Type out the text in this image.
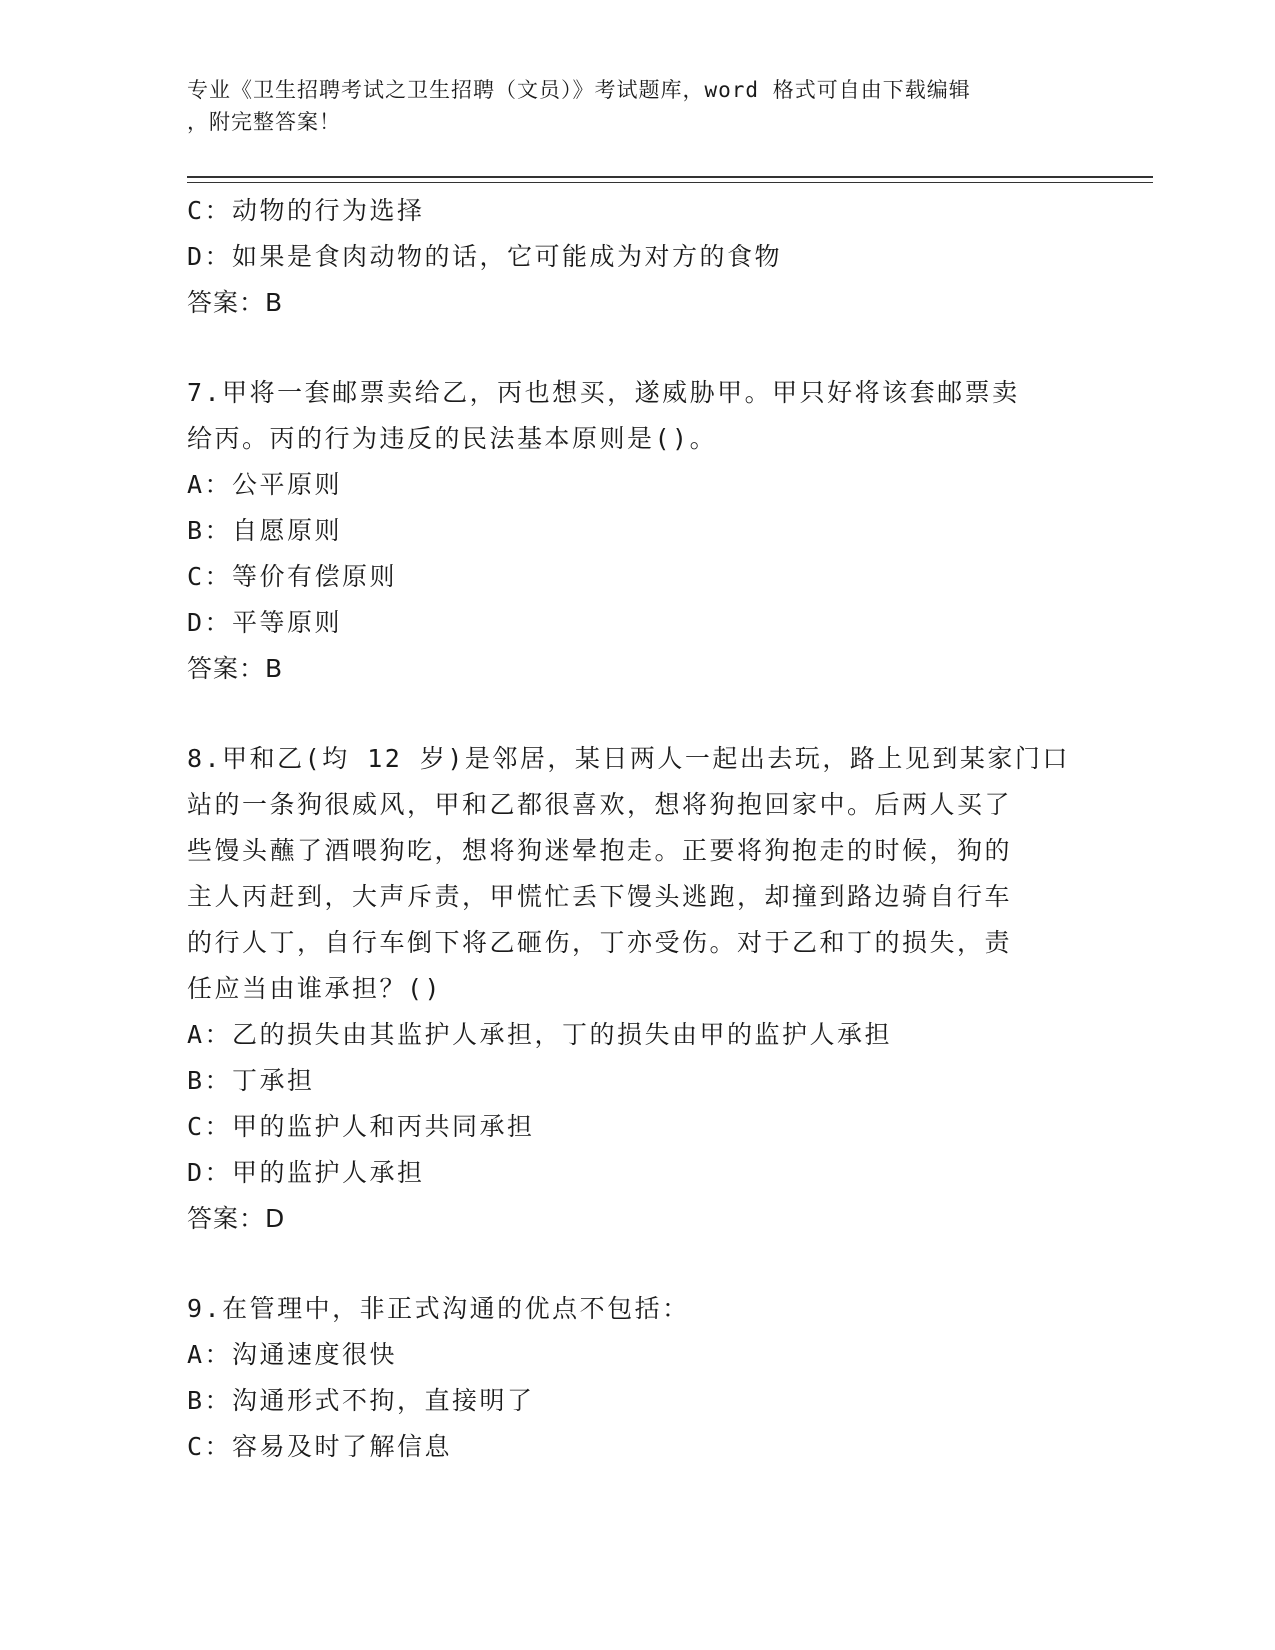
专业《卫生招聘考试之卫生招聘（文员）》考试题库，word 格式可自由下载编辑
，附完整答案！
C：动物的行为选择
D：如果是食肉动物的话，它可能成为对方的食物
答案：B
7.甲将一套邮票卖给乙，丙也想买，遂威胁甲。甲只好将该套邮票卖
给丙。丙的行为违反的民法基本原则是()。
A：公平原则
B：自愿原则
C：等价有偿原则
D：平等原则
答案：B
8.甲和乙(均 12 岁)是邻居，某日两人一起出去玩，路上见到某家门口
站的一条狗很威风，甲和乙都很喜欢，想将狗抱回家中。后两人买了
些馒头蘸了酒喂狗吃，想将狗迷晕抱走。正要将狗抱走的时候，狗的
主人丙赶到，大声斥责，甲慌忙丢下馒头逃跑，却撞到路边骑自行车
的行人丁，自行车倒下将乙砸伤，丁亦受伤。对于乙和丁的损失，责
任应当由谁承担？()
A：乙的损失由其监护人承担，丁的损失由甲的监护人承担
B：丁承担
C：甲的监护人和丙共同承担
D：甲的监护人承担
答案：D
9.在管理中，非正式沟通的优点不包括：
A：沟通速度很快
B：沟通形式不拘，直接明了
C：容易及时了解信息
